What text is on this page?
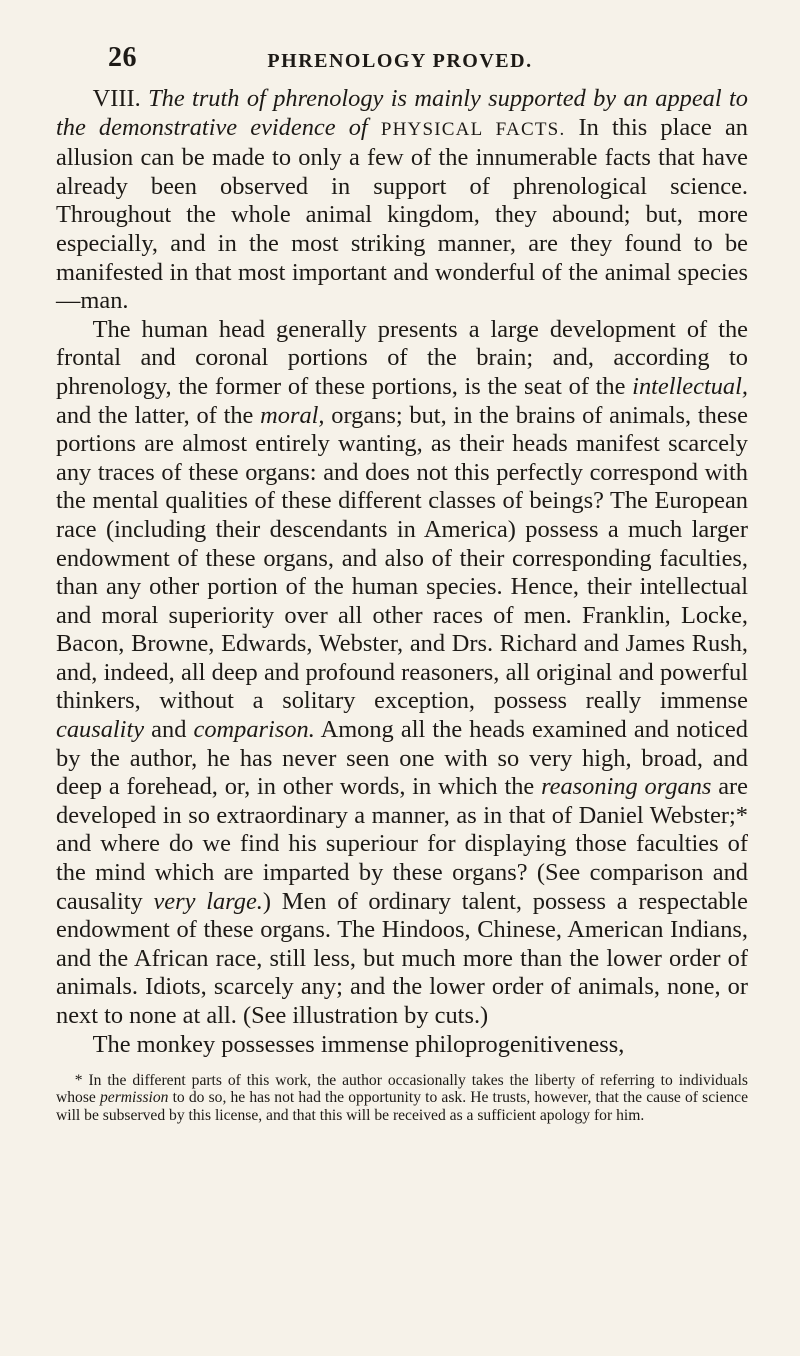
26	PHRENOLOGY PROVED.

VIII. The truth of phrenology is mainly supported by an appeal to the demonstrative evidence of PHYSICAL FACTS. In this place an allusion can be made to only a few of the innumerable facts that have already been observed in support of phrenological science. Throughout the whole animal kingdom, they abound; but, more especially, and in the most striking manner, are they found to be manifested in that most important and wonderful of the animal species—man.

The human head generally presents a large development of the frontal and coronal portions of the brain; and, according to phrenology, the former of these portions, is the seat of the intellectual, and the latter, of the moral, organs; but, in the brains of animals, these portions are almost entirely wanting, as their heads manifest scarcely any traces of these organs: and does not this perfectly correspond with the mental qualities of these different classes of beings? The European race (including their descendants in America) possess a much larger endowment of these organs, and also of their corresponding faculties, than any other portion of the human species. Hence, their intellectual and moral superiority over all other races of men. Franklin, Locke, Bacon, Browne, Edwards, Webster, and Drs. Richard and James Rush, and, indeed, all deep and profound reasoners, all original and powerful thinkers, without a solitary exception, possess really immense causality and comparison. Among all the heads examined and noticed by the author, he has never seen one with so very high, broad, and deep a forehead, or, in other words, in which the reasoning organs are developed in so extraordinary a manner, as in that of Daniel Webster;* and where do we find his superiour for displaying those faculties of the mind which are imparted by these organs? (See comparison and causality very large.) Men of ordinary talent, possess a respectable endowment of these organs. The Hindoos, Chinese, American Indians, and the African race, still less, but much more than the lower order of animals. Idiots, scarcely any; and the lower order of animals, none, or next to none at all. (See illustration by cuts.)

The monkey possesses immense philoprogenitiveness,

* In the different parts of this work, the author occasionally takes the liberty of referring to individuals whose permission to do so, he has not had the opportunity to ask. He trusts, however, that the cause of science will be subserved by this license, and that this will be received as a sufficient apology for him.
